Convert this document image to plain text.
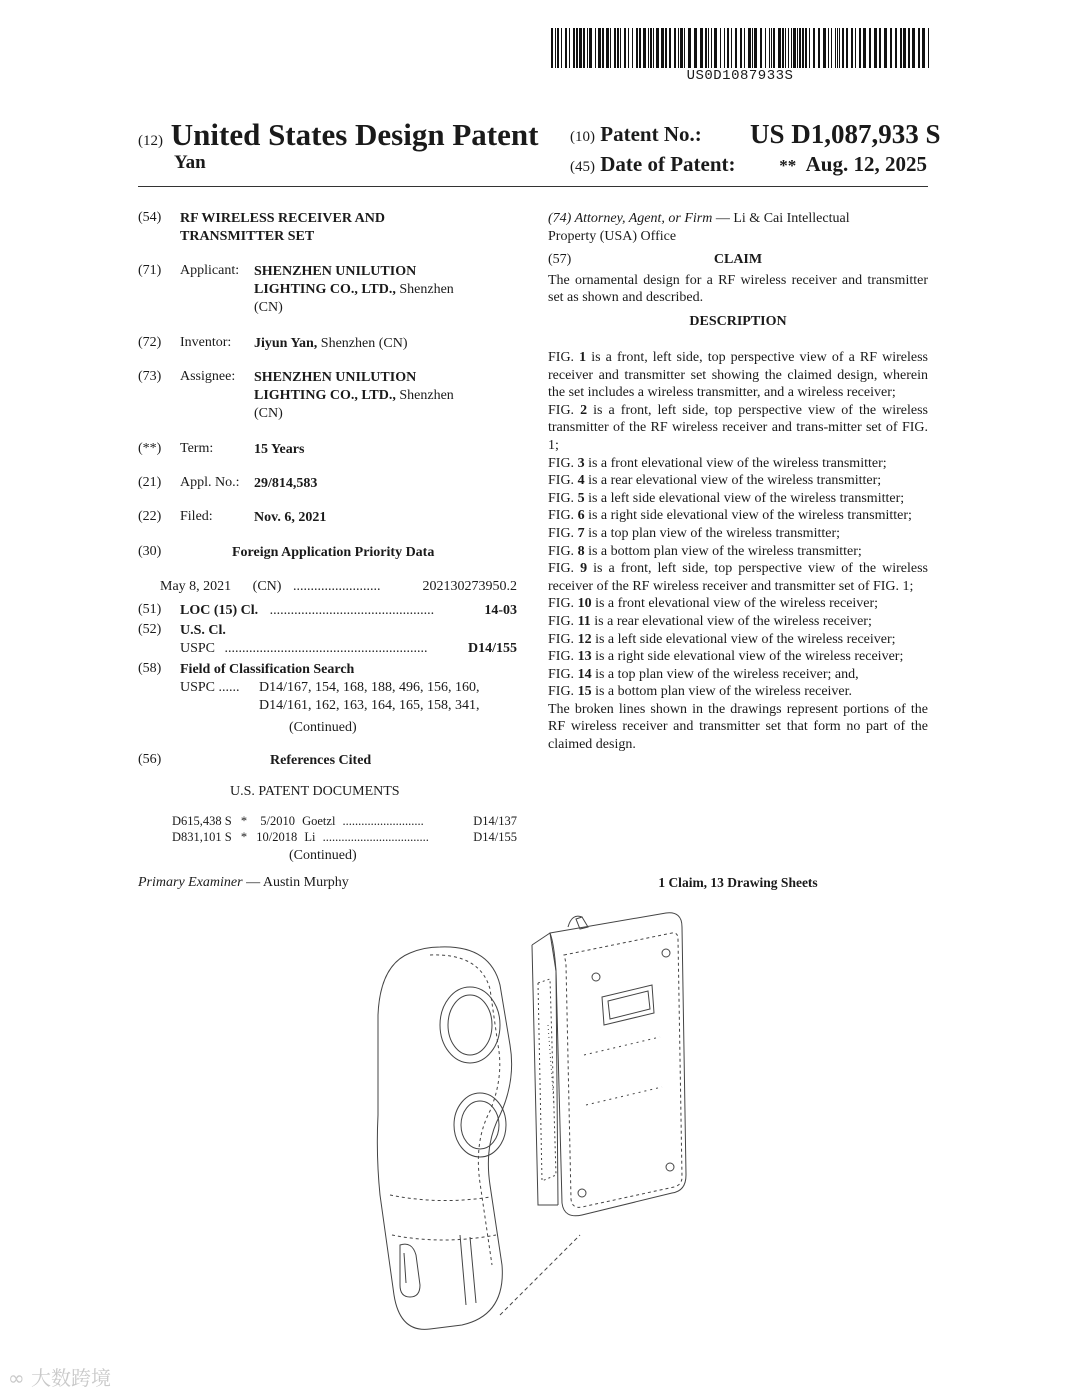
US0D1087933S
(12) United States Design Patent
Yan
(10) Patent No.: US D1,087,933 S
(45) Date of Patent:	** Aug. 12, 2025
(54) RF WIRELESS RECEIVER AND
TRANSMITTER SET
(71) Applicant: SHENZHEN UNILUTION
LIGHTING CO., LTD., Shenzhen
(CN)
(72) Inventor: Jiyun Yan, Shenzhen (CN)
(73) Assignee: SHENZHEN UNILUTION
LIGHTING CO., LTD., Shenzhen
(CN)
(**) Term:	15 Years
(21) Appl. No.: 29/814,583
(22) Filed:	Nov. 6, 2021
(30)	Foreign Application Priority Data
May 8, 2021 (CN) .........................	202130273950.2
(51) LOC (15) Cl. ...............................................	14-03
(52) U.S. Cl.
USPC ..........................................................	D14/155
(58) Field of Classification Search
USPC ...... D14/167, 154, 168, 188, 496, 156, 160,
D14/161, 162, 163, 164, 165, 158, 341,
(Continued)
(56)	References Cited
U.S. PATENT DOCUMENTS
D615,438 S * 5/2010 Goetzl ..........................	D14/137
D831,101 S * 10/2018 Li ..................................	D14/155
(Continued)
Primary Examiner — Austin Murphy
(74) Attorney, Agent, or Firm — Li & Cai Intellectual
Property (USA) Office
(57)	CLAIM
The ornamental design for a RF wireless receiver and transmitter set as shown and described.
DESCRIPTION

FIG. 1 is a front, left side, top perspective view of a RF wireless receiver and transmitter set showing the claimed design, wherein the set includes a wireless transmitter, and a wireless receiver;

FIG. 2 is a front, left side, top perspective view of the wireless transmitter of the RF wireless receiver and trans-mitter set of FIG. 1;

FIG. 3 is a front elevational view of the wireless transmitter;

FIG. 4 is a rear elevational view of the wireless transmitter;

FIG. 5 is a left side elevational view of the wireless transmitter;

FIG. 6 is a right side elevational view of the wireless transmitter;

FIG. 7 is a top plan view of the wireless transmitter;

FIG. 8 is a bottom plan view of the wireless transmitter;

FIG. 9 is a front, left side, top perspective view of the wireless receiver of the RF wireless receiver and transmitter set of FIG. 1;

FIG. 10 is a front elevational view of the wireless receiver;

FIG. 11 is a rear elevational view of the wireless receiver;

FIG. 12 is a left side elevational view of the wireless receiver;

FIG. 13 is a right side elevational view of the wireless receiver;

FIG. 14 is a top plan view of the wireless receiver; and,

FIG. 15 is a bottom plan view of the wireless receiver.

The broken lines shown in the drawings represent portions of the RF wireless receiver and transmitter set that form no part of the claimed design.

1 Claim, 13 Drawing Sheets
∞ 大数跨境
